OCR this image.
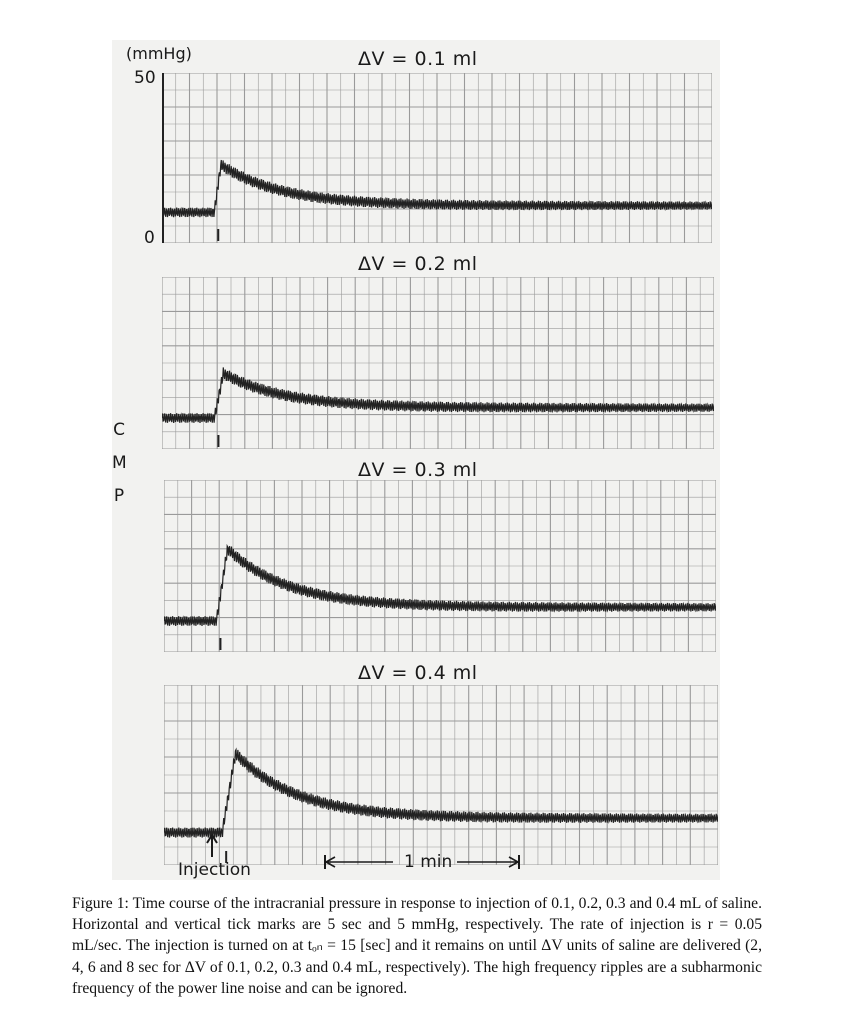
(mmHg)
50
0
C
M
P
ΔV = 0.1 ml
ΔV = 0.2 ml
ΔV = 0.3 ml
ΔV = 0.4 ml
Injection	1 min
Figure 1: Time course of the intracranial pressure in response to injection of 0.1, 0.2, 0.3 and 0.4 mL of saline. Horizontal and vertical tick marks are 5 sec and 5 mmHg, respectively. The rate of injection is r = 0.05 mL/sec. The injection is turned on at tₒₙ = 15 [sec] and it remains on until ΔV units of saline are delivered (2, 4, 6 and 8 sec for ΔV of 0.1, 0.2, 0.3 and 0.4 mL, respectively). The high frequency ripples are a subharmonic frequency of the power line noise and can be ignored.
